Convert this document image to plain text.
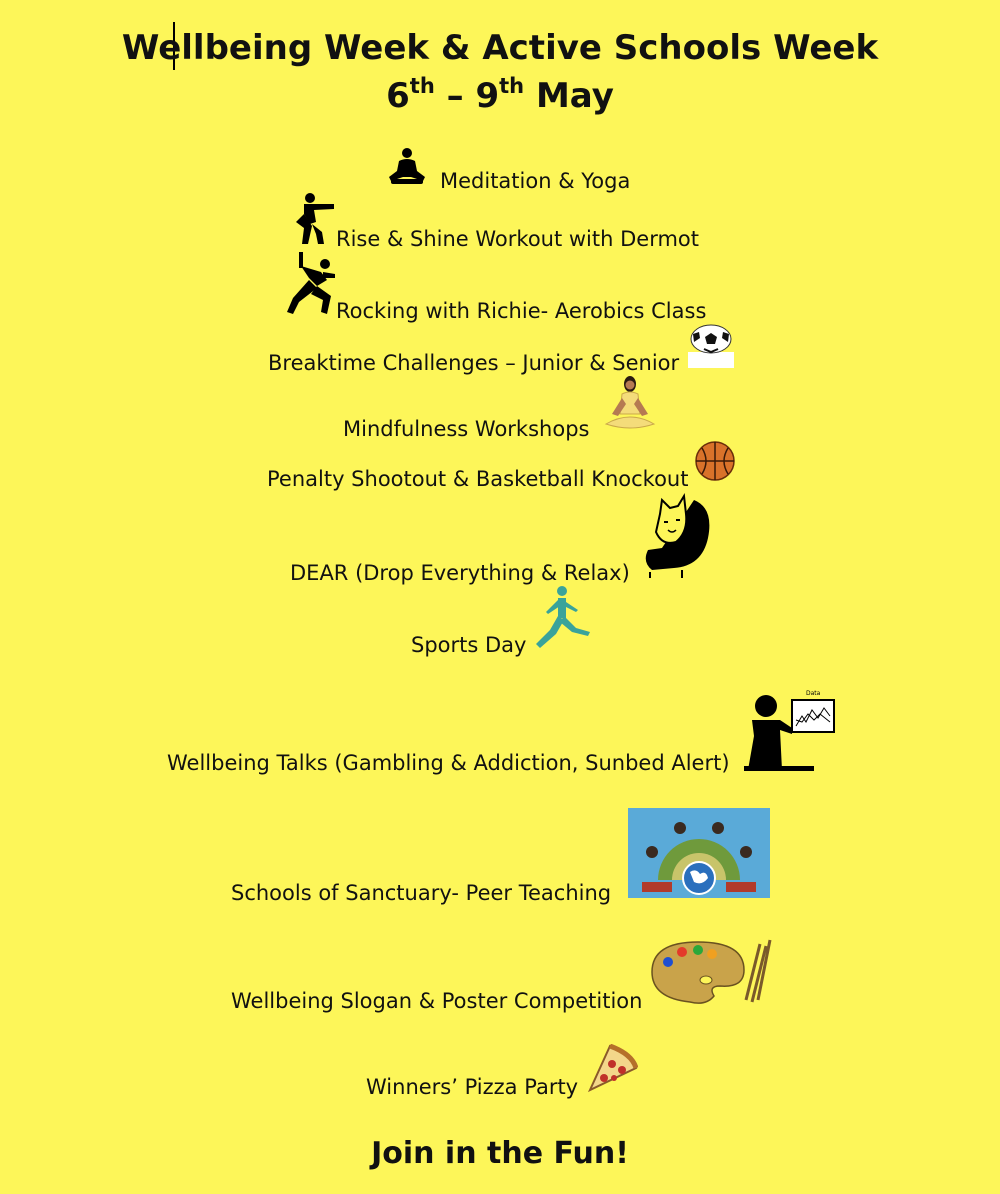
Wellbeing Week & Active Schools Week
6th – 9th May
Meditation & Yoga
Rise & Shine Workout with Dermot
Rocking with Richie- Aerobics Class
Breaktime Challenges – Junior & Senior
Mindfulness Workshops
Penalty Shootout & Basketball Knockout
DEAR (Drop Everything & Relax)
Sports Day
Data
Wellbeing Talks (Gambling & Addiction, Sunbed Alert)
Schools of Sanctuary- Peer Teaching
Wellbeing Slogan & Poster Competition
Winners’ Pizza Party
Join in the Fun!
